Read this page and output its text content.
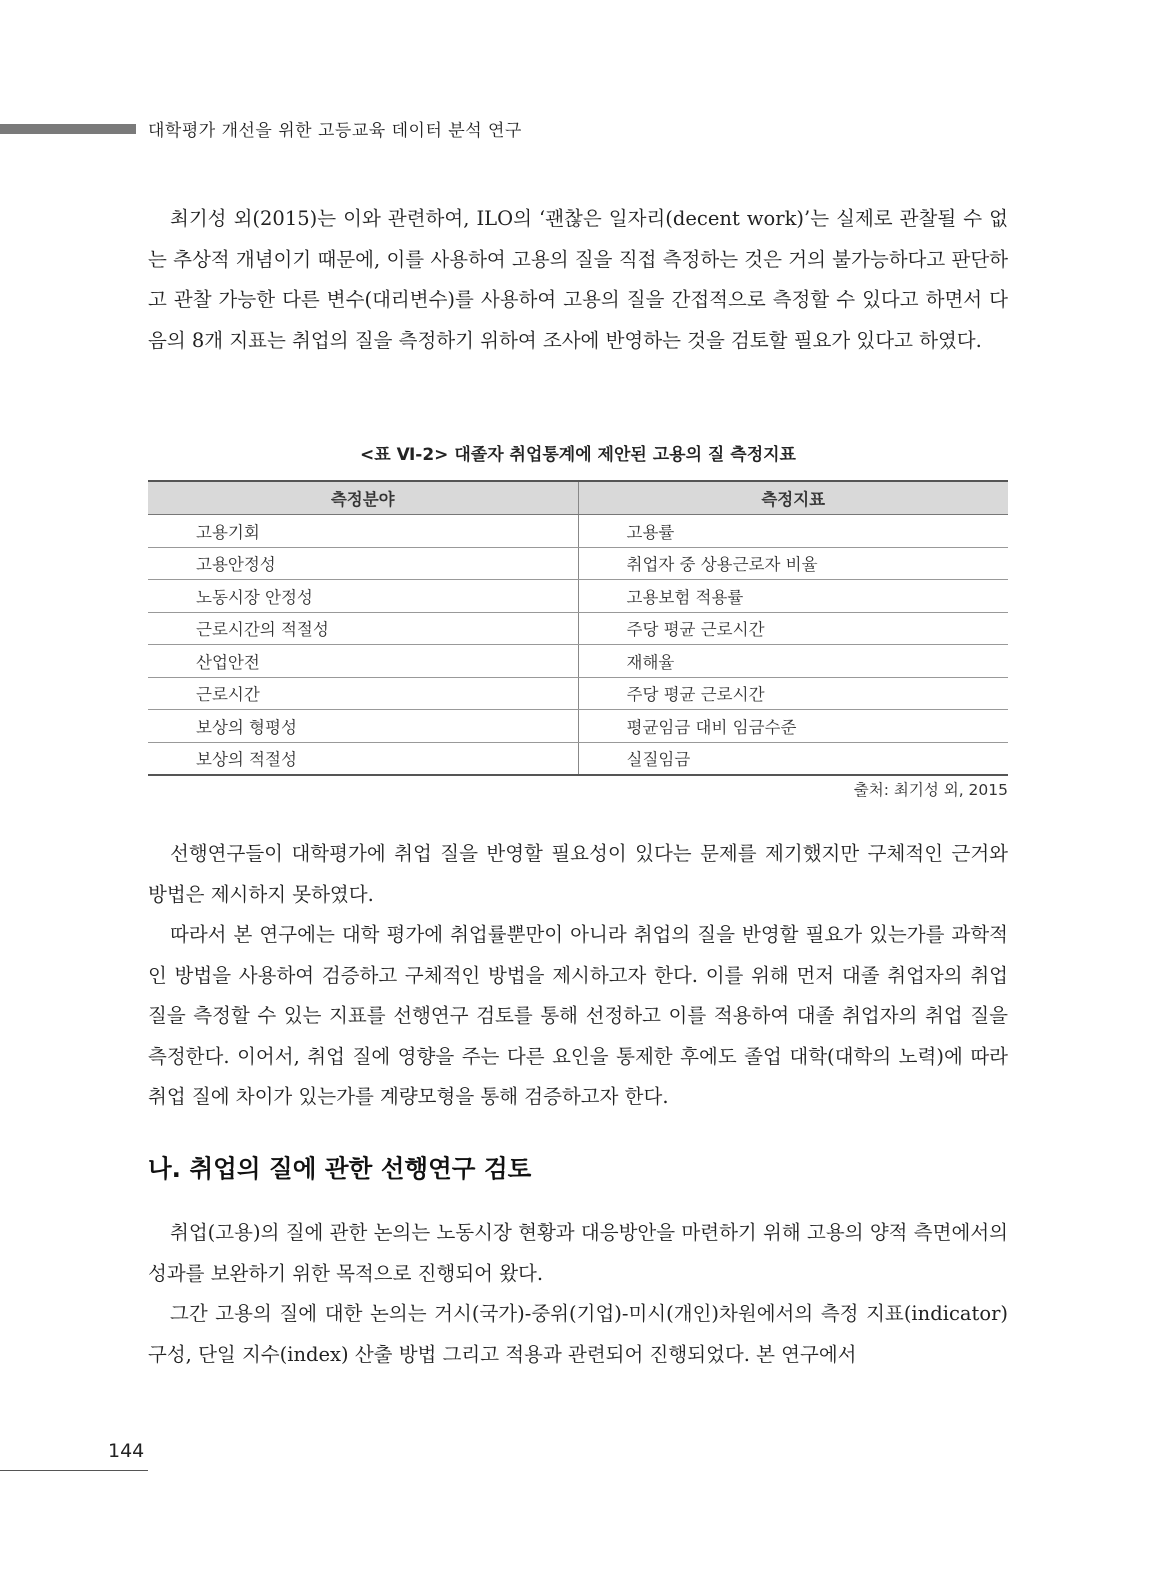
대학평가 개선을 위한 고등교육 데이터 분석 연구

최기성 외(2015)는 이와 관련하여, ILO의 ‘괜찮은 일자리(decent work)’는 실제로 관찰될 수 없는 추상적 개념이기 때문에, 이를 사용하여 고용의 질을 직접 측정하는 것은 거의 불가능하다고 판단하고 관찰 가능한 다른 변수(대리변수)를 사용하여 고용의 질을 간접적으로 측정할 수 있다고 하면서 다음의 8개 지표는 취업의 질을 측정하기 위하여 조사에 반영하는 것을 검토할 필요가 있다고 하였다.

<표 Ⅵ-2> 대졸자 취업통계에 제안된 고용의 질 측정지표
측정분야	측정지표
고용기회	고용률
고용안정성	취업자 중 상용근로자 비율
노동시장 안정성	고용보험 적용률
근로시간의 적절성	주당 평균 근로시간
산업안전	재해율
근로시간	주당 평균 근로시간
보상의 형평성	평균임금 대비 임금수준
보상의 적절성	실질임금
출처: 최기성 외, 2015

선행연구들이 대학평가에 취업 질을 반영할 필요성이 있다는 문제를 제기했지만 구체적인 근거와 방법은 제시하지 못하였다.

따라서 본 연구에는 대학 평가에 취업률뿐만이 아니라 취업의 질을 반영할 필요가 있는가를 과학적인 방법을 사용하여 검증하고 구체적인 방법을 제시하고자 한다. 이를 위해 먼저 대졸 취업자의 취업 질을 측정할 수 있는 지표를 선행연구 검토를 통해 선정하고 이를 적용하여 대졸 취업자의 취업 질을 측정한다. 이어서, 취업 질에 영향을 주는 다른 요인을 통제한 후에도 졸업 대학(대학의 노력)에 따라 취업 질에 차이가 있는가를 계량모형을 통해 검증하고자 한다.

나. 취업의 질에 관한 선행연구 검토

취업(고용)의 질에 관한 논의는 노동시장 현황과 대응방안을 마련하기 위해 고용의 양적 측면에서의 성과를 보완하기 위한 목적으로 진행되어 왔다.

그간 고용의 질에 대한 논의는 거시(국가)-중위(기업)-미시(개인)차원에서의 측정 지표(indicator) 구성, 단일 지수(index) 산출 방법 그리고 적용과 관련되어 진행되었다. 본 연구에서

144
